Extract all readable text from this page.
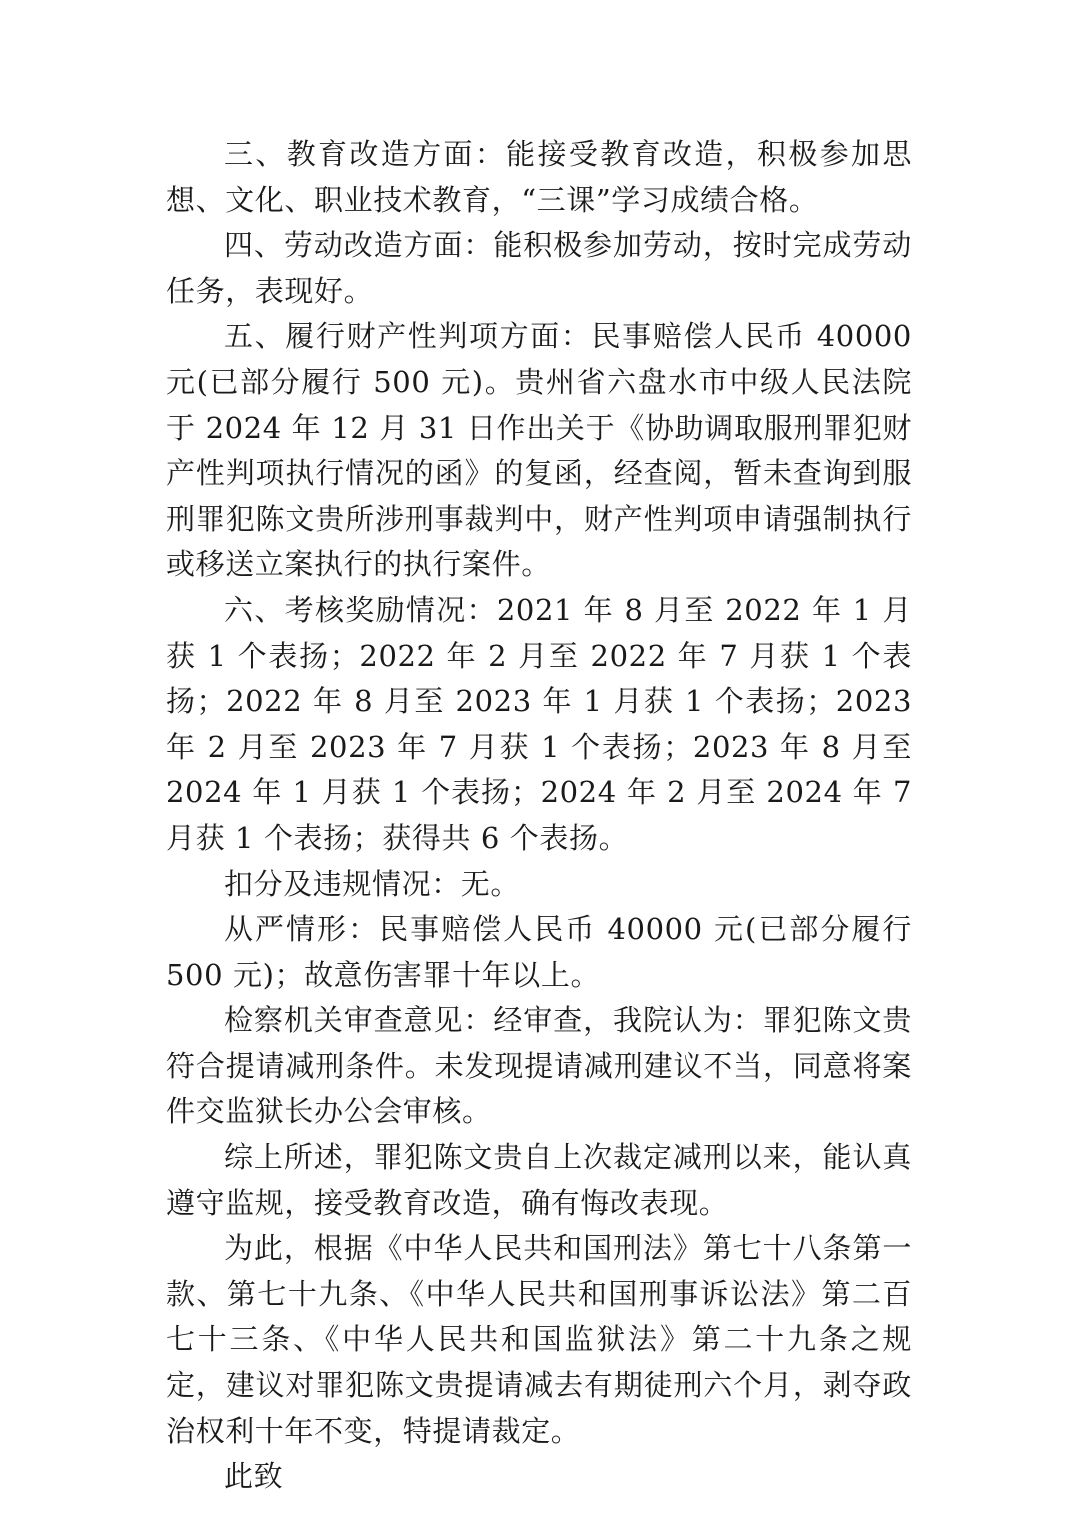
三、教育改造方面：能接受教育改造，积极参加思想、文化、职业技术教育，“三课”学习成绩合格。

四、劳动改造方面：能积极参加劳动，按时完成劳动任务，表现好。

五、履行财产性判项方面：民事赔偿人民币 40000 元(已部分履行 500 元)。贵州省六盘水市中级人民法院于 2024 年 12 月 31 日作出关于《协助调取服刑罪犯财产性判项执行情况的函》的复函，经查阅，暂未查询到服刑罪犯陈文贵所涉刑事裁判中，财产性判项申请强制执行或移送立案执行的执行案件。

六、考核奖励情况：2021 年 8 月至 2022 年 1 月获 1 个表扬；2022 年 2 月至 2022 年 7 月获 1 个表扬；2022 年 8 月至 2023 年 1 月获 1 个表扬；2023 年 2 月至 2023 年 7 月获 1 个表扬；2023 年 8 月至 2024 年 1 月获 1 个表扬；2024 年 2 月至 2024 年 7 月获 1 个表扬；获得共 6 个表扬。

扣分及违规情况：无。

从严情形：民事赔偿人民币 40000 元(已部分履行 500 元)；故意伤害罪十年以上。

检察机关审查意见：经审查，我院认为：罪犯陈文贵符合提请减刑条件。未发现提请减刑建议不当，同意将案件交监狱长办公会审核。

综上所述，罪犯陈文贵自上次裁定减刑以来，能认真遵守监规，接受教育改造，确有悔改表现。

为此，根据《中华人民共和国刑法》第七十八条第一款、第七十九条、《中华人民共和国刑事诉讼法》第二百七十三条、《中华人民共和国监狱法》第二十九条之规定，建议对罪犯陈文贵提请减去有期徒刑六个月，剥夺政治权利十年不变，特提请裁定。

此致
